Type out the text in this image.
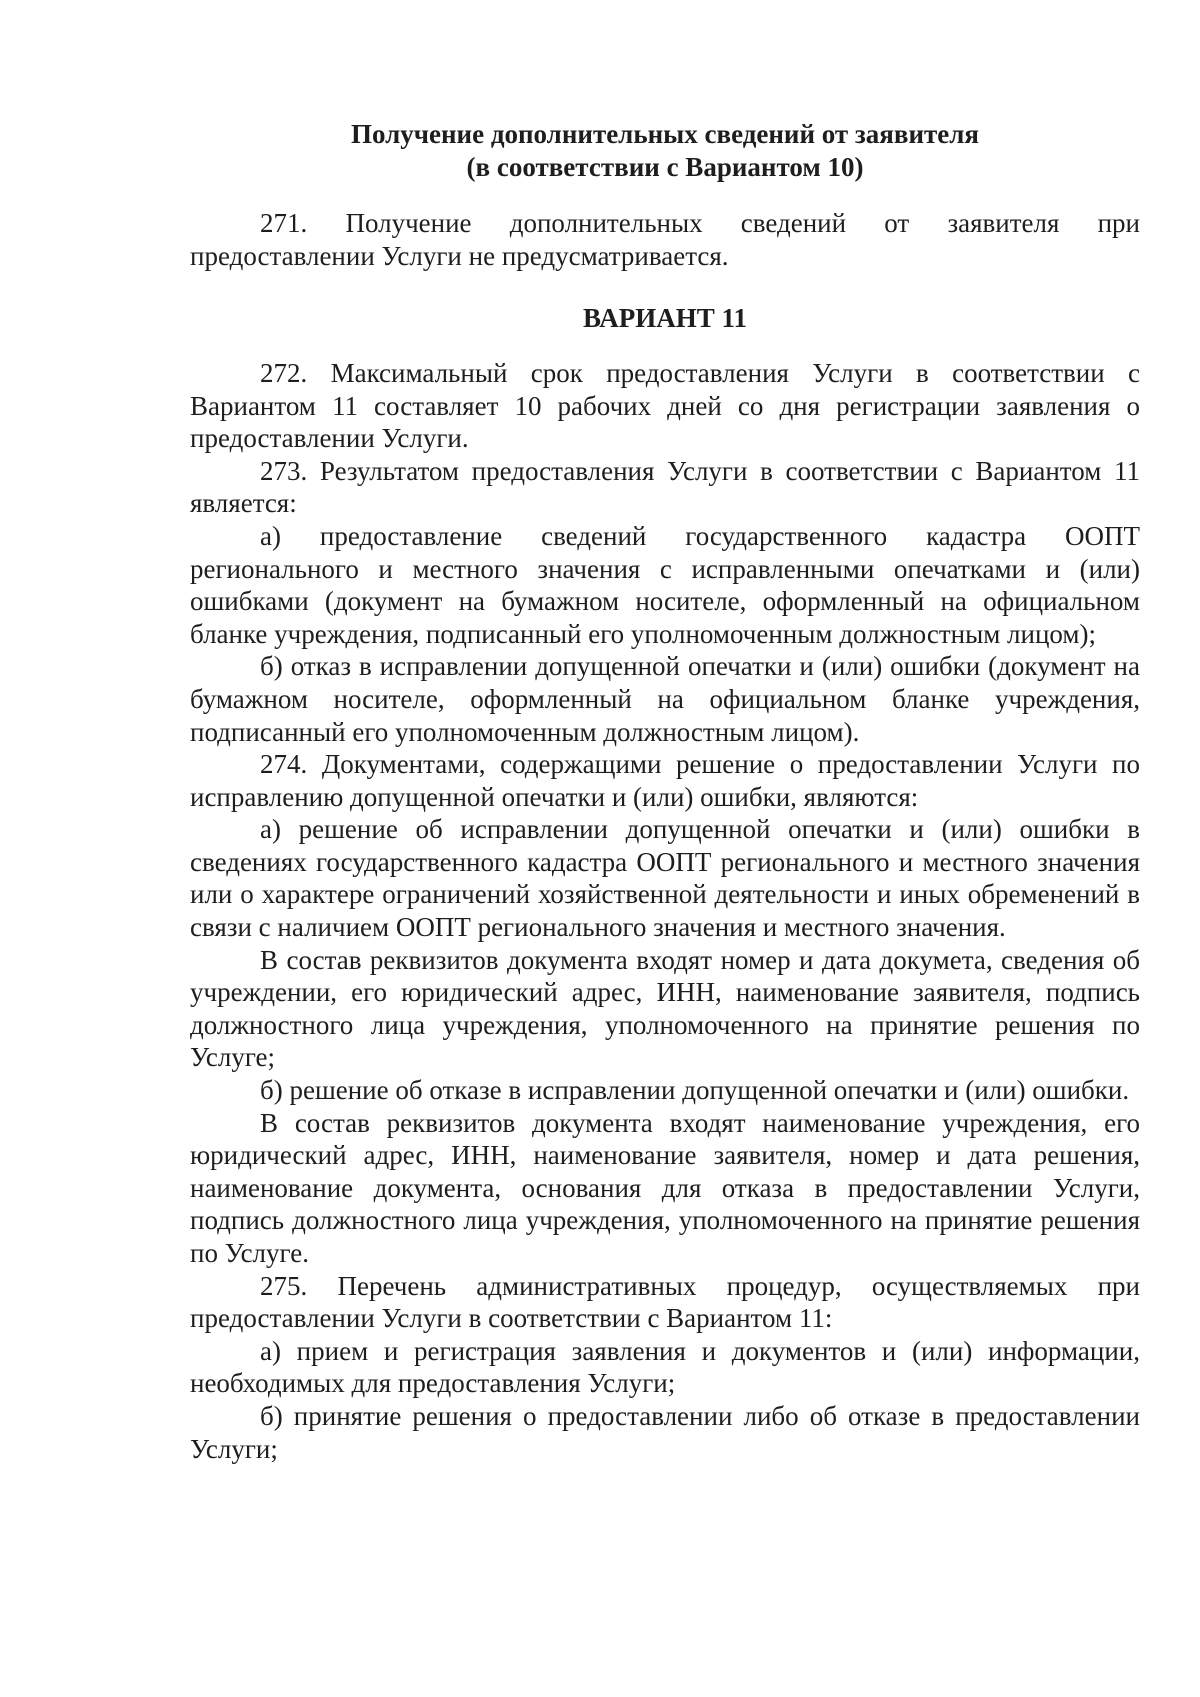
Получение дополнительных сведений от заявителя
(в соответствии с Вариантом 10)

271. Получение дополнительных сведений от заявителя при предоставлении Услуги не предусматривается.

ВАРИАНТ 11

272. Максимальный срок предоставления Услуги в соответствии с Вариантом 11 составляет 10 рабочих дней со дня регистрации заявления о предоставлении Услуги.

273. Результатом предоставления Услуги в соответствии с Вариантом 11 является:

а) предоставление сведений государственного кадастра ООПТ регионального и местного значения с исправленными опечатками и (или) ошибками (документ на бумажном носителе, оформленный на официальном бланке учреждения, подписанный его уполномоченным должностным лицом);

б) отказ в исправлении допущенной опечатки и (или) ошибки (документ на бумажном носителе, оформленный на официальном бланке учреждения, подписанный его уполномоченным должностным лицом).

274. Документами, содержащими решение о предоставлении Услуги по исправлению допущенной опечатки и (или) ошибки, являются:

а) решение об исправлении допущенной опечатки и (или) ошибки в сведениях государственного кадастра ООПТ регионального и местного значения или о характере ограничений хозяйственной деятельности и иных обременений в связи с наличием ООПТ регионального значения и местного значения.

В состав реквизитов документа входят номер и дата докумета, сведения об учреждении, его юридический адрес, ИНН, наименование заявителя, подпись должностного лица учреждения, уполномоченного на принятие решения по Услуге;

б) решение об отказе в исправлении допущенной опечатки и (или) ошибки.

В состав реквизитов документа входят наименование учреждения, его юридический адрес, ИНН, наименование заявителя, номер и дата решения, наименование документа, основания для отказа в предоставлении Услуги, подпись должностного лица учреждения, уполномоченного на принятие решения по Услуге.

275. Перечень административных процедур, осуществляемых при предоставлении Услуги в соответствии с Вариантом 11:

а) прием и регистрация заявления и документов и (или) информации, необходимых для предоставления Услуги;

б) принятие решения о предоставлении либо об отказе в предоставлении Услуги;
